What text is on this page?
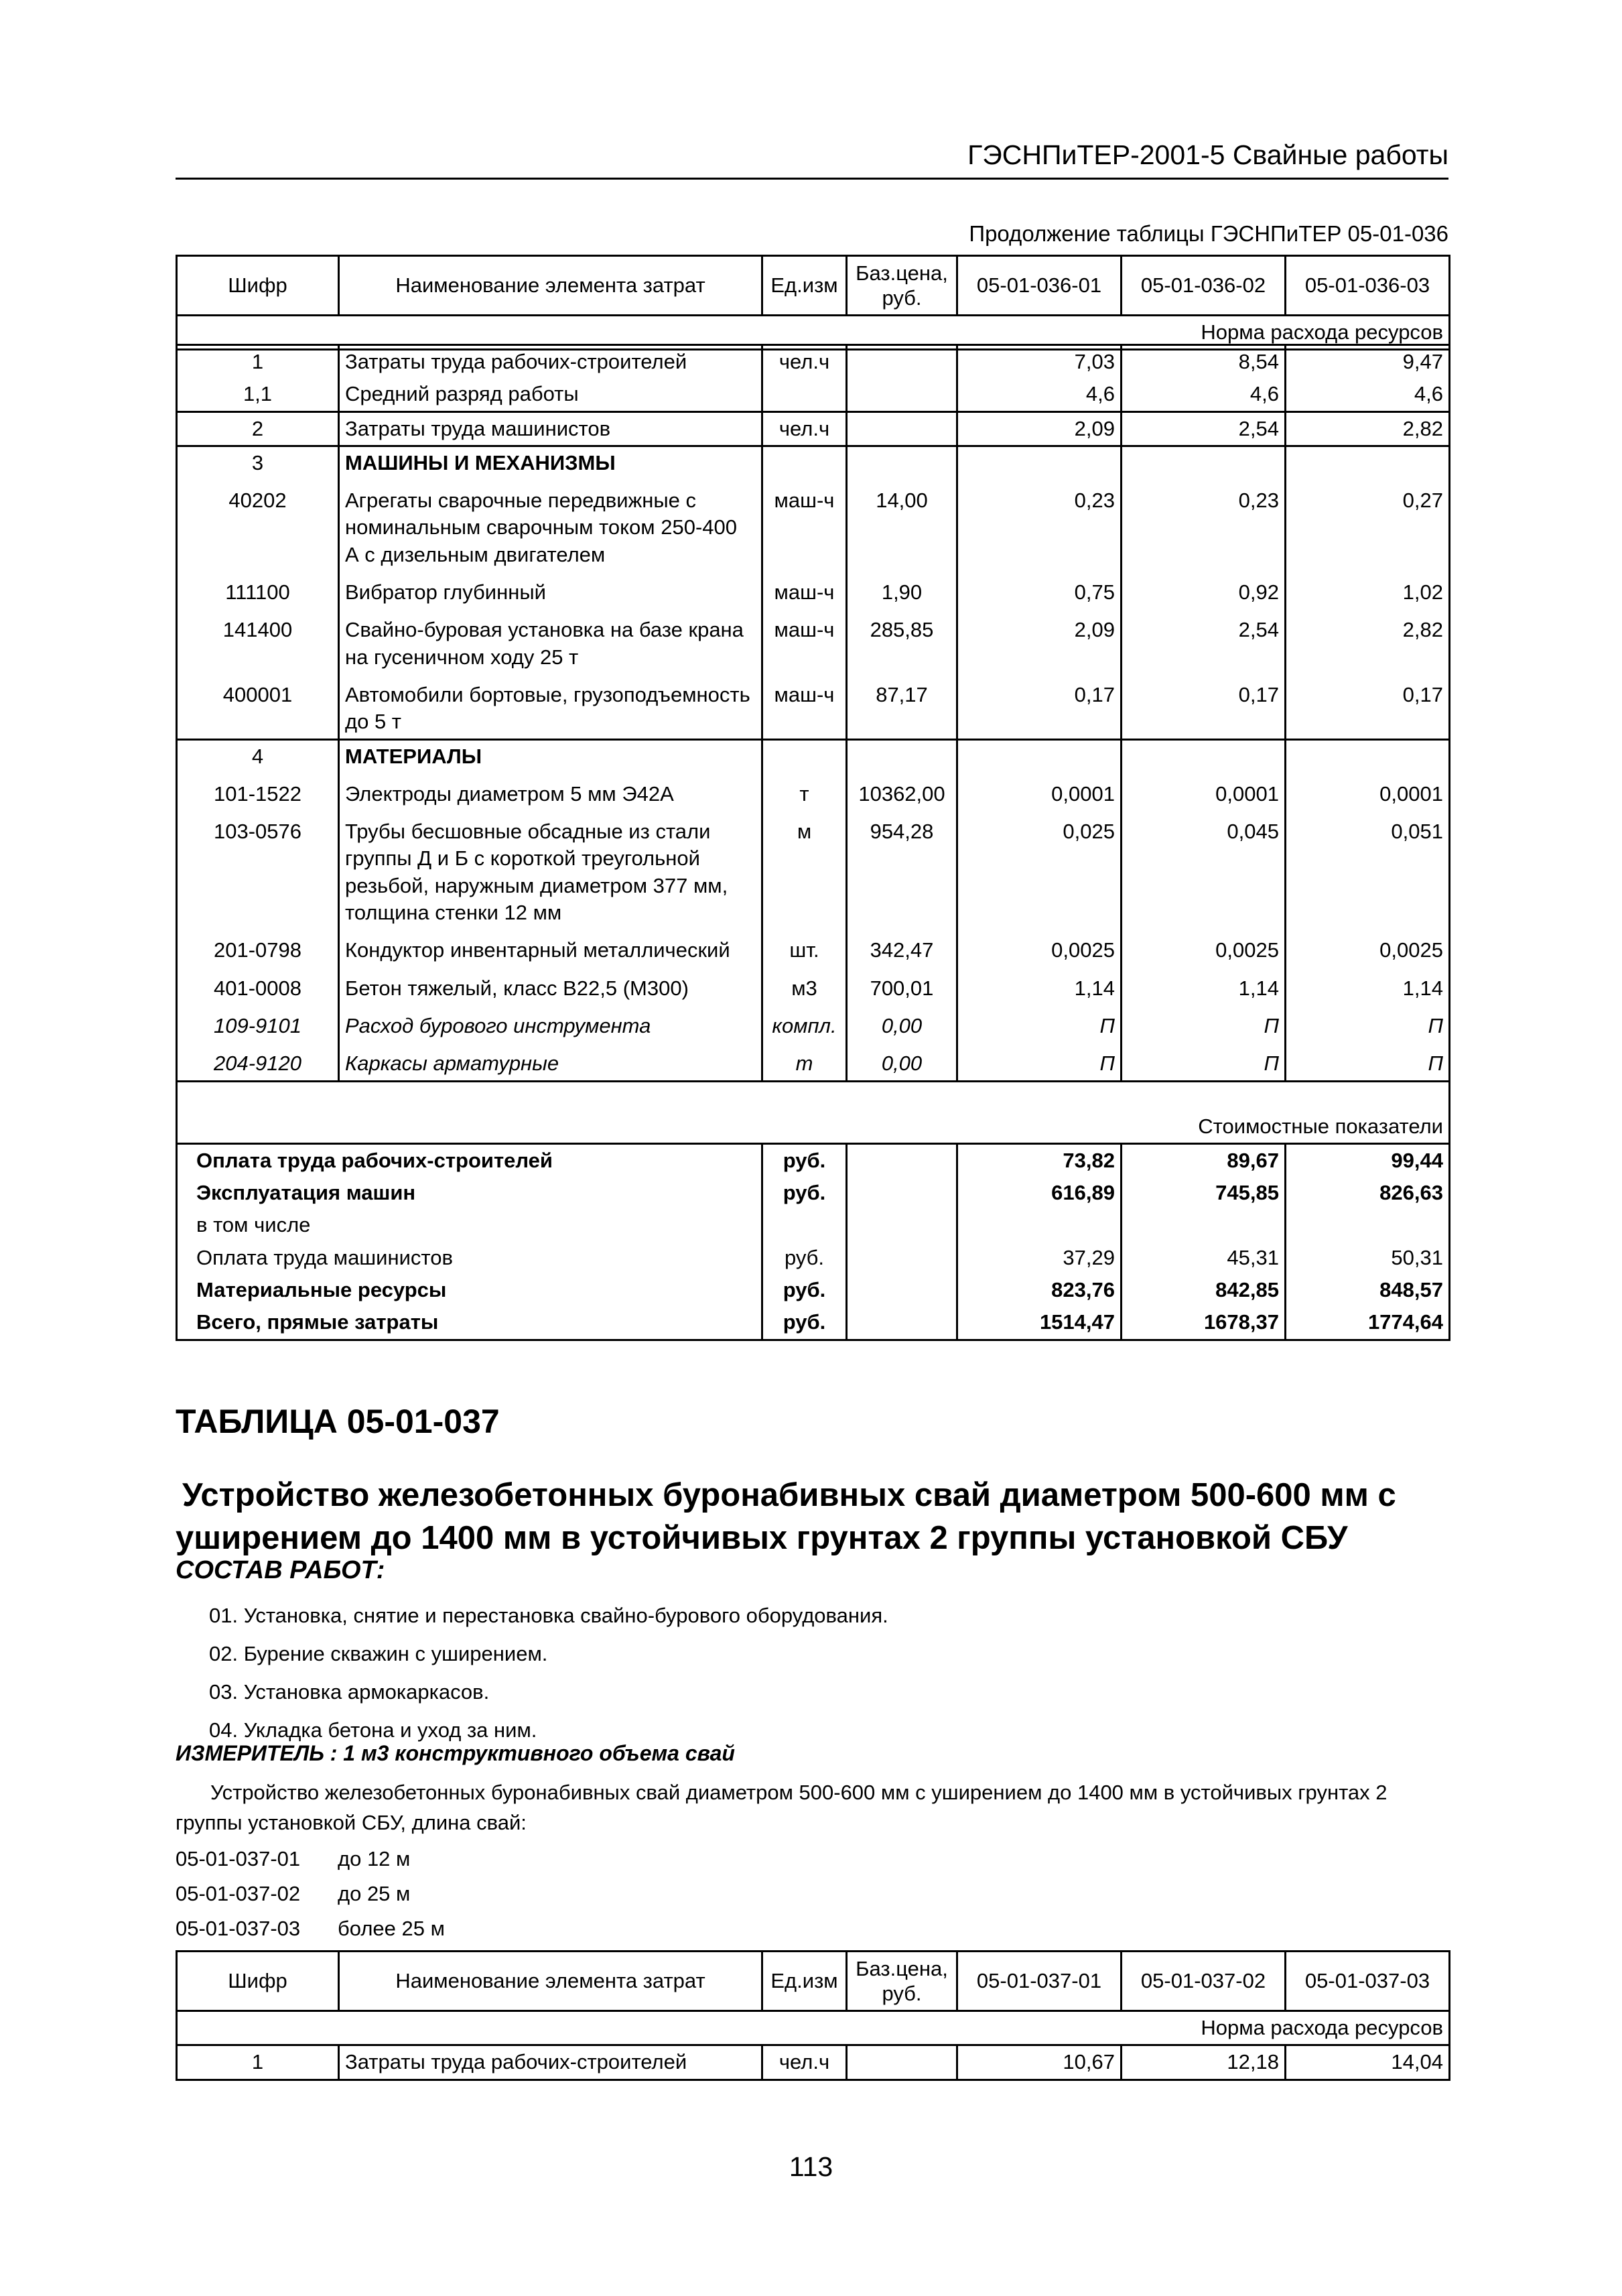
ГЭСНПиТЕР-2001-5 Свайные работы
Продолжение таблицы ГЭСНПиТЕР 05-01-036
Шифр	Наименование элемента затрат	Ед.изм	Баз.цена, руб.	05-01-036-01	05-01-036-02	05-01-036-03
Норма расхода ресурсов
1	Затраты труда рабочих-строителей	чел.ч		7,03	8,54	9,47
1,1	Средний разряд работы			4,6	4,6	4,6
2	Затраты труда машинистов	чел.ч		2,09	2,54	2,82
3	МАШИНЫ И МЕХАНИЗМЫ					
40202	Агрегаты сварочные передвижные с номинальным сварочным током 250-400 А с дизельным двигателем	маш-ч	14,00	0,23	0,23	0,27
111100	Вибратор глубинный	маш-ч	1,90	0,75	0,92	1,02
141400	Свайно-буровая установка на базе крана на гусеничном ходу 25 т	маш-ч	285,85	2,09	2,54	2,82
400001	Автомобили бортовые, грузоподъемность до 5 т	маш-ч	87,17	0,17	0,17	0,17
4	МАТЕРИАЛЫ					
101-1522	Электроды диаметром 5 мм Э42А	т	10362,00	0,0001	0,0001	0,0001
103-0576	Трубы бесшовные обсадные из стали группы Д и Б с короткой треугольной резьбой, наружным диаметром 377 мм, толщина стенки 12 мм	м	954,28	0,025	0,045	0,051
201-0798	Кондуктор инвентарный металлический	шт.	342,47	0,0025	0,0025	0,0025
401-0008	Бетон тяжелый, класс В22,5 (М300)	м3	700,01	1,14	1,14	1,14
109-9101	Расход бурового инструмента	компл.	0,00	П	П	П
204-9120	Каркасы арматурные	т	0,00	П	П	П
Стоимостные показатели						
Оплата труда рабочих-строителей		руб.		73,82	89,67	99,44
Эксплуатация машин		руб.		616,89	745,85	826,63
в том числе						
Оплата труда машинистов		руб.		37,29	45,31	50,31
Материальные ресурсы		руб.		823,76	842,85	848,57
Всего, прямые затраты		руб.		1514,47	1678,37	1774,64
ТАБЛИЦА 05-01-037
Устройство железобетонных буронабивных свай диаметром 500-600 мм с уширением до 1400 мм в устойчивых грунтах 2 группы установкой СБУ
СОСТАВ РАБОТ:
01. Установка, снятие и перестановка свайно-бурового оборудования.
02. Бурение скважин с уширением.
03. Установка армокаркасов.
04. Укладка бетона и уход за ним.
ИЗМЕРИТЕЛЬ : 1 м3 конструктивного объема свай
Устройство железобетонных буронабивных свай диаметром 500-600 мм с уширением до 1400 мм в устойчивых грунтах 2 группы установкой СБУ, длина свай:
05-01-037-01 до 12 м
05-01-037-02 до 25 м
05-01-037-03 более 25 м
Шифр	Наименование элемента затрат	Ед.изм	Баз.цена, руб.	05-01-037-01	05-01-037-02	05-01-037-03
Норма расхода ресурсов						
1	Затраты труда рабочих-строителей	чел.ч		10,67	12,18	14,04
113
